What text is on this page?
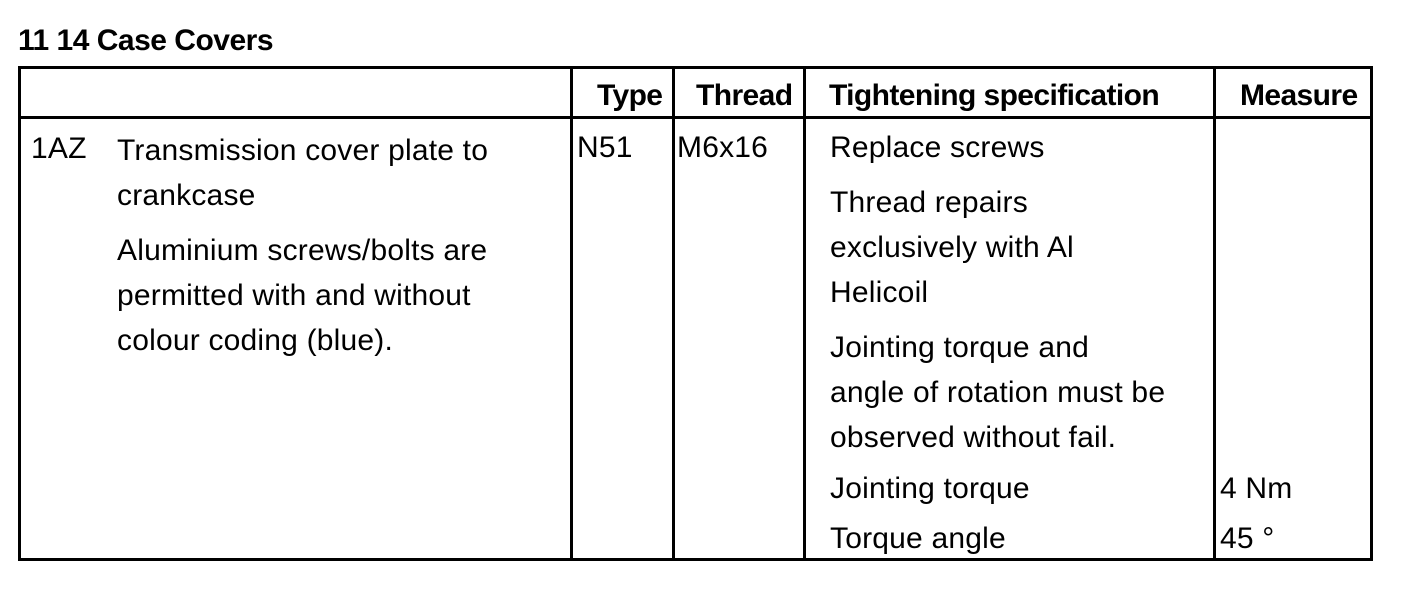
11 14 Case Covers
Type Thread Tightening specification	Measure
1AZ Transmission cover plate to
crankcase
Aluminium screws/bolts are
permitted with and without
colour coding (blue).
N51 M6x16 Replace screws
Thread repairs
exclusively with Al
Helicoil
Jointing torque and
angle of rotation must be
observed without fail.
Jointing torque
Torque angle
4 Nm
45 °
